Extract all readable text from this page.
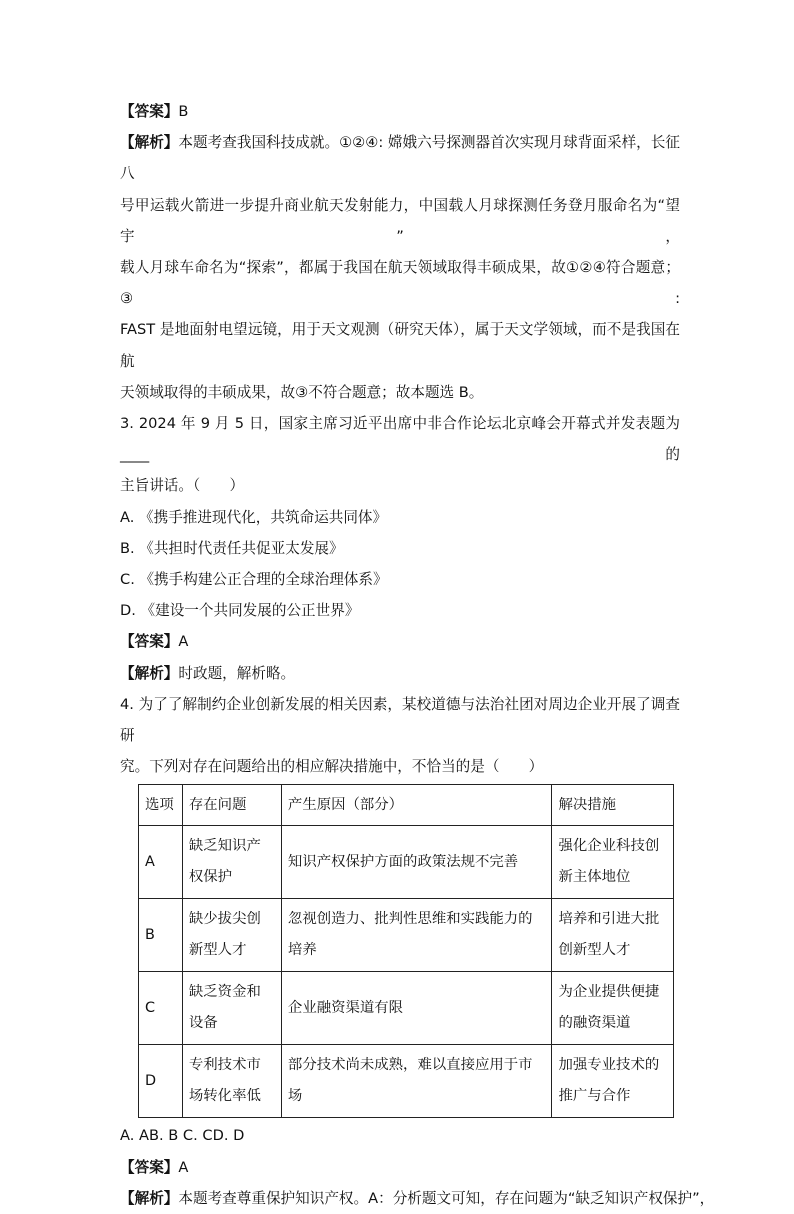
【答案】B
【解析】本题考查我国科技成就。①②④: 嫦娥六号探测器首次实现月球背面采样，长征八
号甲运载火箭进一步提升商业航天发射能力，中国载人月球探测任务登月服命名为“望宇”，
载人月球车命名为“探索”，都属于我国在航天领域取得丰硕成果，故①②④符合题意；③:
FAST 是地面射电望远镜，用于天文观测（研究天体），属于天文学领域，而不是我国在航
天领域取得的丰硕成果，故③不符合题意；故本题选 B。
3. 2024 年 9 月 5 日，国家主席习近平出席中非合作论坛北京峰会开幕式并发表题为____的
主旨讲话。（　　）
A. 《携手推进现代化，共筑命运共同体》
B. 《共担时代责任共促亚太发展》
C. 《携手构建公正合理的全球治理体系》
D. 《建设一个共同发展的公正世界》
【答案】A
【解析】时政题，解析略。
4. 为了了解制约企业创新发展的相关因素，某校道德与法治社团对周边企业开展了调查研
究。下列对存在问题给出的相应解决措施中，不恰当的是（　　）
选项	存在问题	产生原因（部分）	解决措施
A	缺乏知识产权保护	知识产权保护方面的政策法规不完善	强化企业科技创新主体地位
B	缺少拔尖创新型人才	忽视创造力、批判性思维和实践能力的培养	培养和引进大批创新型人才
C	缺乏资金和设备	企业融资渠道有限	为企业提供便捷的融资渠道
D	专利技术市场转化率低	部分技术尚未成熟，难以直接应用于市场	加强专业技术的推广与合作
A. AB. B C. CD. D
【答案】A
【解析】本题考查尊重保护知识产权。A：分析题文可知，存在问题为“缺乏知识产权保护”，
